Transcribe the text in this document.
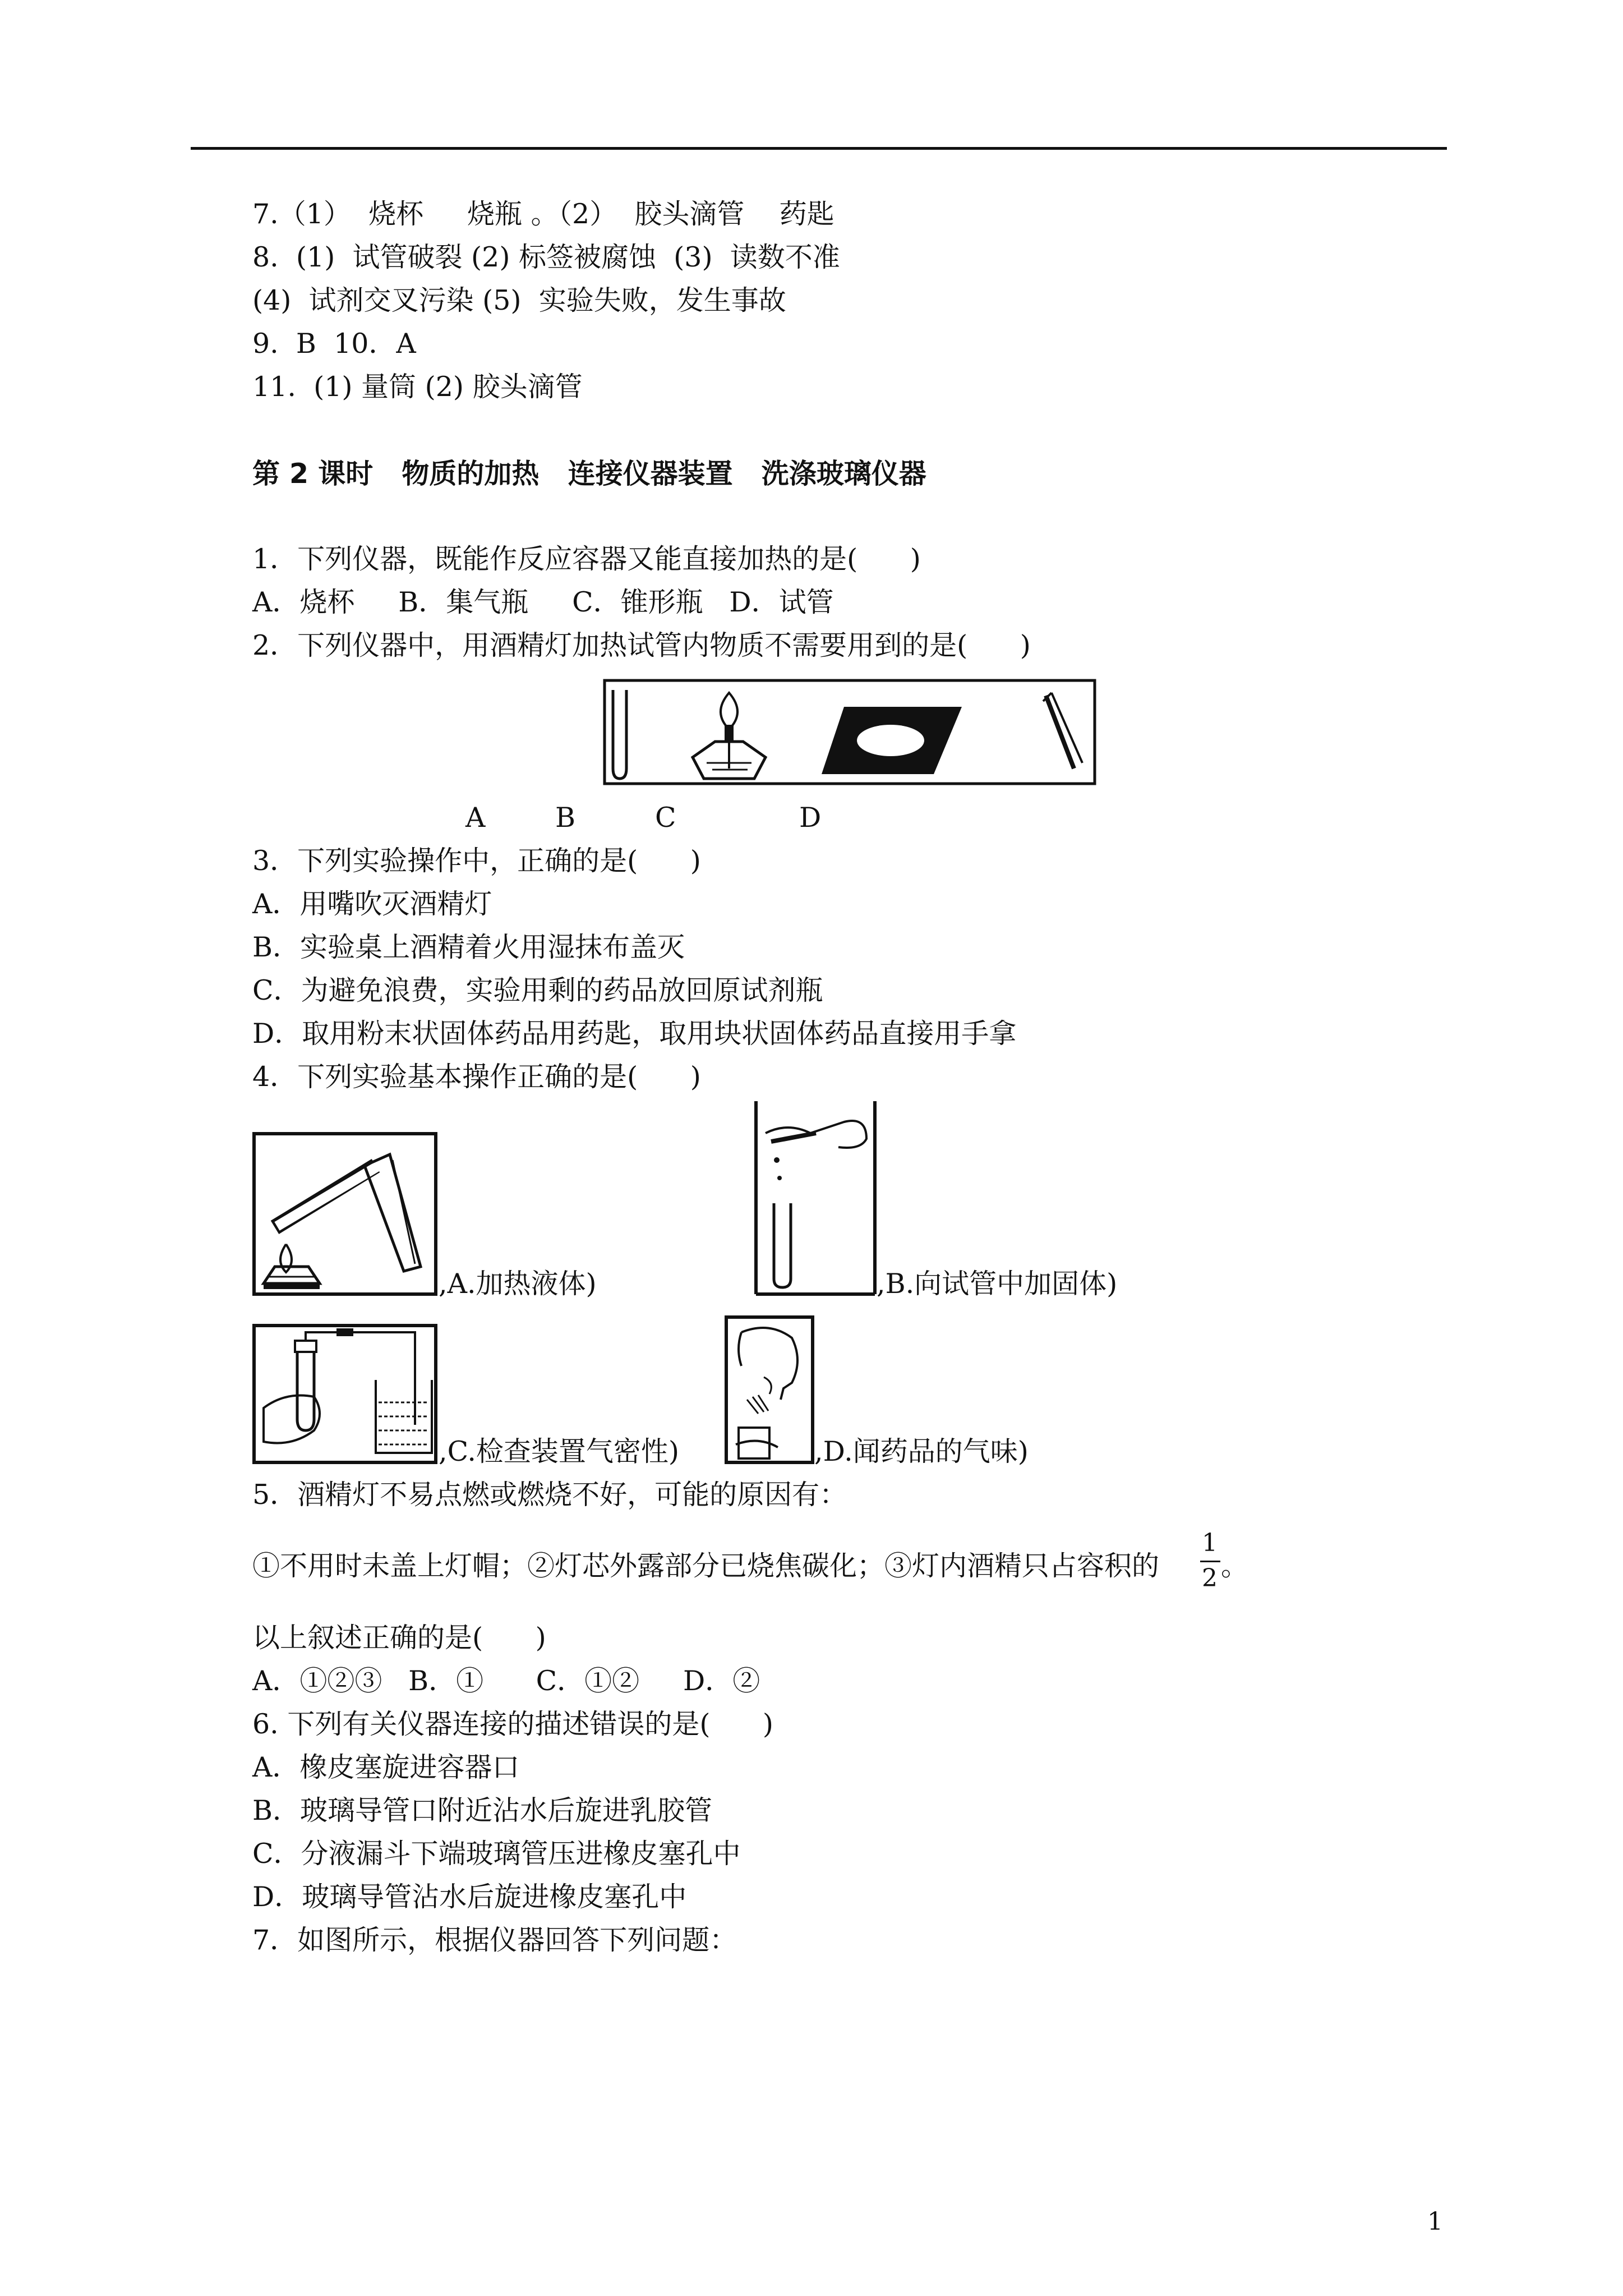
7.（1）  烧杯     烧瓶 。（2）  胶头滴管    药匙
8.  (1)  试管破裂 (2) 标签被腐蚀  (3)  读数不准
(4)  试剂交叉污染 (5)  实验失败，发生事故
9.  B  10．A
11.  (1) 量筒 (2) 胶头滴管
第 2 课时   物质的加热   连接仪器装置   洗涤玻璃仪器
1．下列仪器，既能作反应容器又能直接加热的是(      )
A．烧杯     B．集气瓶     C．锥形瓶   D．试管
2．下列仪器中，用酒精灯加热试管内物质不需要用到的是(      )
A	B	C	D
3．下列实验操作中，正确的是(      )
A．用嘴吹灭酒精灯
B．实验桌上酒精着火用湿抹布盖灭
C．为避免浪费，实验用剩的药品放回原试剂瓶
D．取用粉末状固体药品用药匙，取用块状固体药品直接用手拿
4．下列实验基本操作正确的是(      )
,A.加热液体)	,B.向试管中加固体)
,C.检查装置气密性)	,D.闻药品的气味)
5．酒精灯不易点燃或燃烧不好，可能的原因有：
①不用时未盖上灯帽；②灯芯外露部分已烧焦碳化；③灯内酒精只占容积的
1
2 。
以上叙述正确的是(      )
A．①②③   B．①      C．①②     D．②
6. 下列有关仪器连接的描述错误的是(      )
A．橡皮塞旋进容器口
B．玻璃导管口附近沾水后旋进乳胶管
C．分液漏斗下端玻璃管压进橡皮塞孔中
D．玻璃导管沾水后旋进橡皮塞孔中
7．如图所示，根据仪器回答下列问题：
1
